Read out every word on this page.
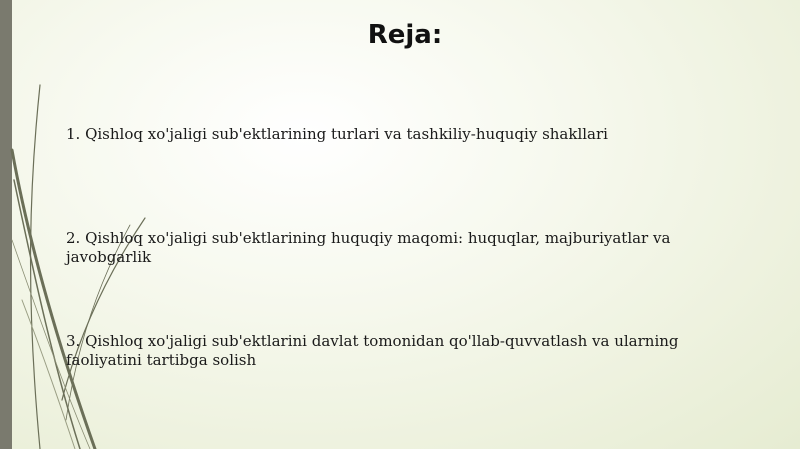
Reja:

1. Qishloq xo'jaligi sub'ektlarining turlari va tashkiliy-huquqiy shakllari

2. Qishloq xo'jaligi sub'ektlarining huquqiy maqomi: huquqlar, majburiyatlar va javobgarlik

3. Qishloq xo'jaligi sub'ektlarini davlat tomonidan qo'llab-quvvatlash va ularning faoliyatini tartibga solish
